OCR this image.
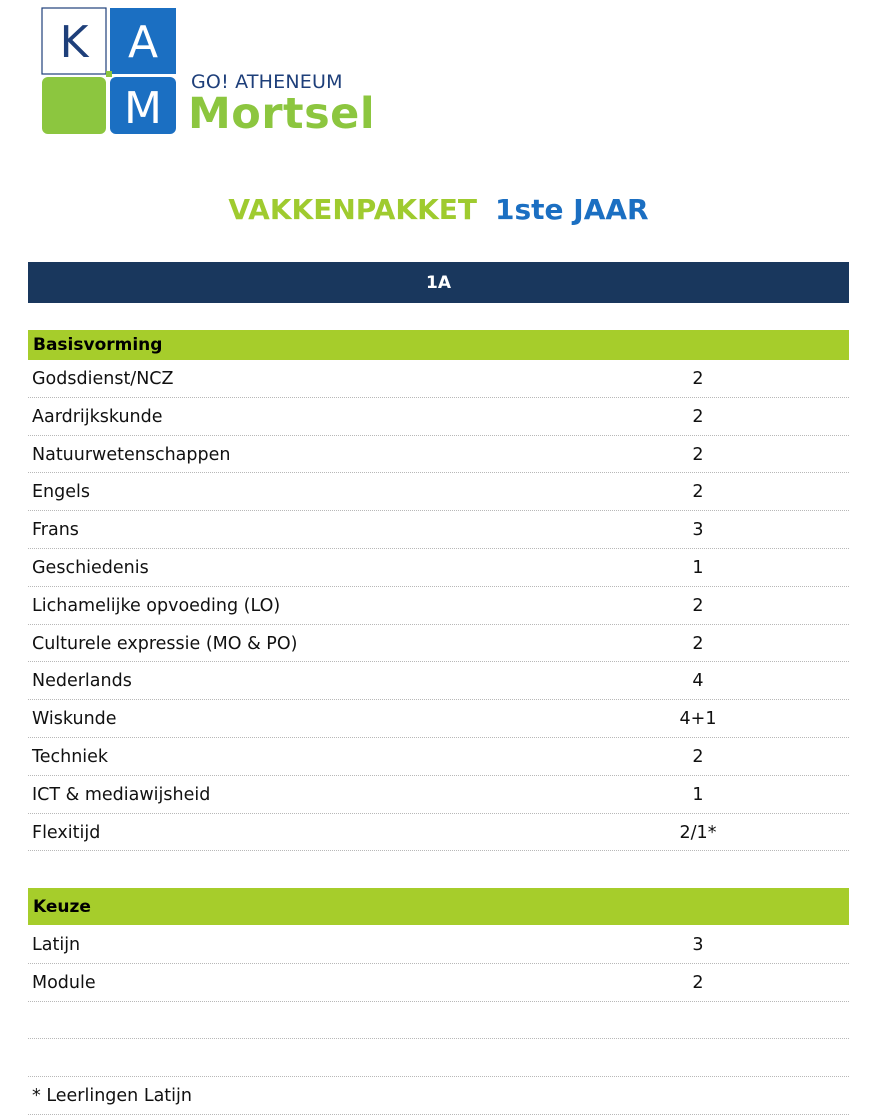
K A
M
GO! ATHENEUM
Mortsel
VAKKENPAKKET 1ste JAAR
1A
Basisvorming
Godsdienst/NCZ	2
Aardrijkskunde	2
Natuurwetenschappen	2
Engels	2
Frans	3
Geschiedenis	1
Lichamelijke opvoeding (LO)	2
Culturele expressie (MO & PO)	2
Nederlands	4
Wiskunde	4+1
Techniek	2
ICT & mediawijsheid	1
Flexitijd	2/1*
Keuze
Latijn	3
Module	2
* Leerlingen Latijn
